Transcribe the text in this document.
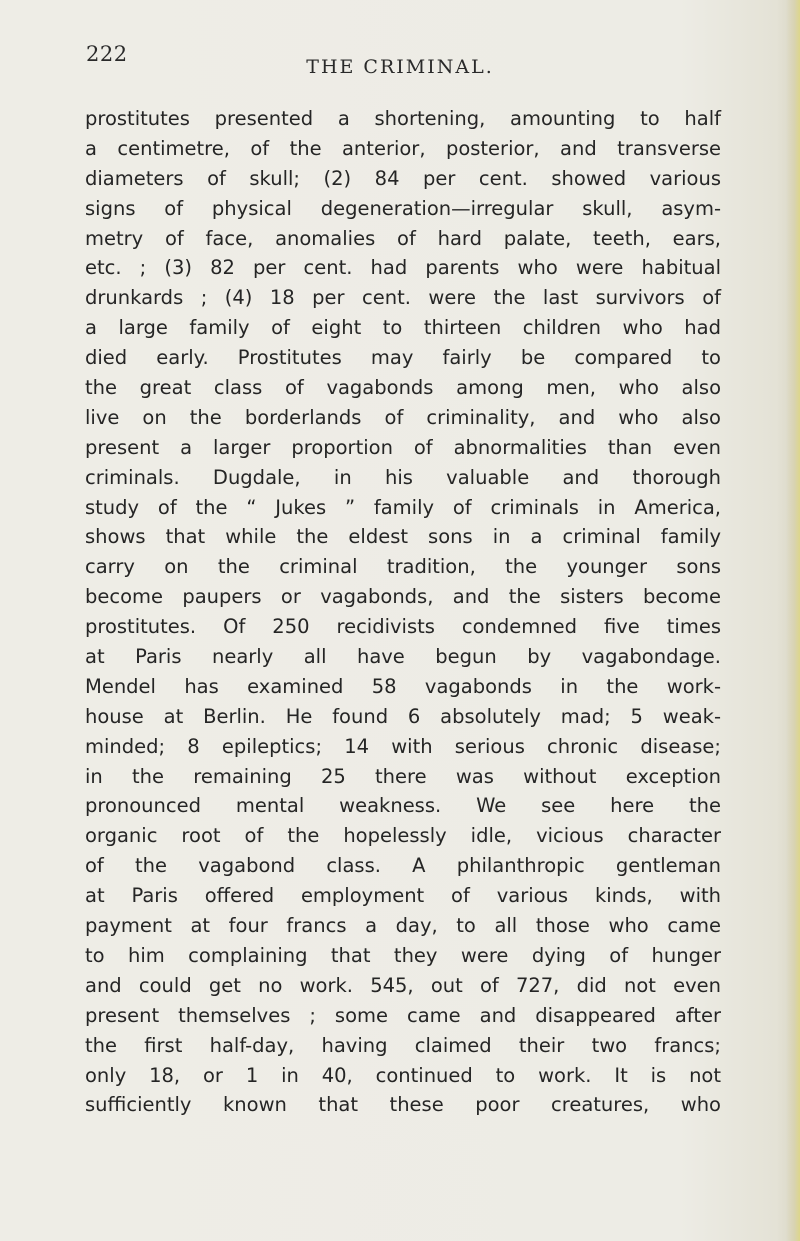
222
THE CRIMINAL.
prostitutes presented a shortening, amounting to half
a centimetre, of the anterior, posterior, and transverse
diameters of skull; (2) 84 per cent. showed various
signs of physical degeneration—irregular skull, asym-
metry of face, anomalies of hard palate, teeth, ears,
etc. ; (3) 82 per cent. had parents who were habitual
drunkards ; (4) 18 per cent. were the last survivors of
a large family of eight to thirteen children who had
died early. Prostitutes may fairly be compared to
the great class of vagabonds among men, who also
live on the borderlands of criminality, and who also
present a larger proportion of abnormalities than even
criminals. Dugdale, in his valuable and thorough
study of the “ Jukes ” family of criminals in America,
shows that while the eldest sons in a criminal family
carry on the criminal tradition, the younger sons
become paupers or vagabonds, and the sisters become
prostitutes. Of 250 recidivists condemned five times
at Paris nearly all have begun by vagabondage.
Mendel has examined 58 vagabonds in the work-
house at Berlin. He found 6 absolutely mad; 5 weak-
minded; 8 epileptics; 14 with serious chronic disease;
in the remaining 25 there was without exception
pronounced mental weakness. We see here the
organic root of the hopelessly idle, vicious character
of the vagabond class. A philanthropic gentleman
at Paris offered employment of various kinds, with
payment at four francs a day, to all those who came
to him complaining that they were dying of hunger
and could get no work. 545, out of 727, did not even
present themselves ; some came and disappeared after
the first half-day, having claimed their two francs;
only 18, or 1 in 40, continued to work. It is not
sufficiently known that these poor creatures, who
